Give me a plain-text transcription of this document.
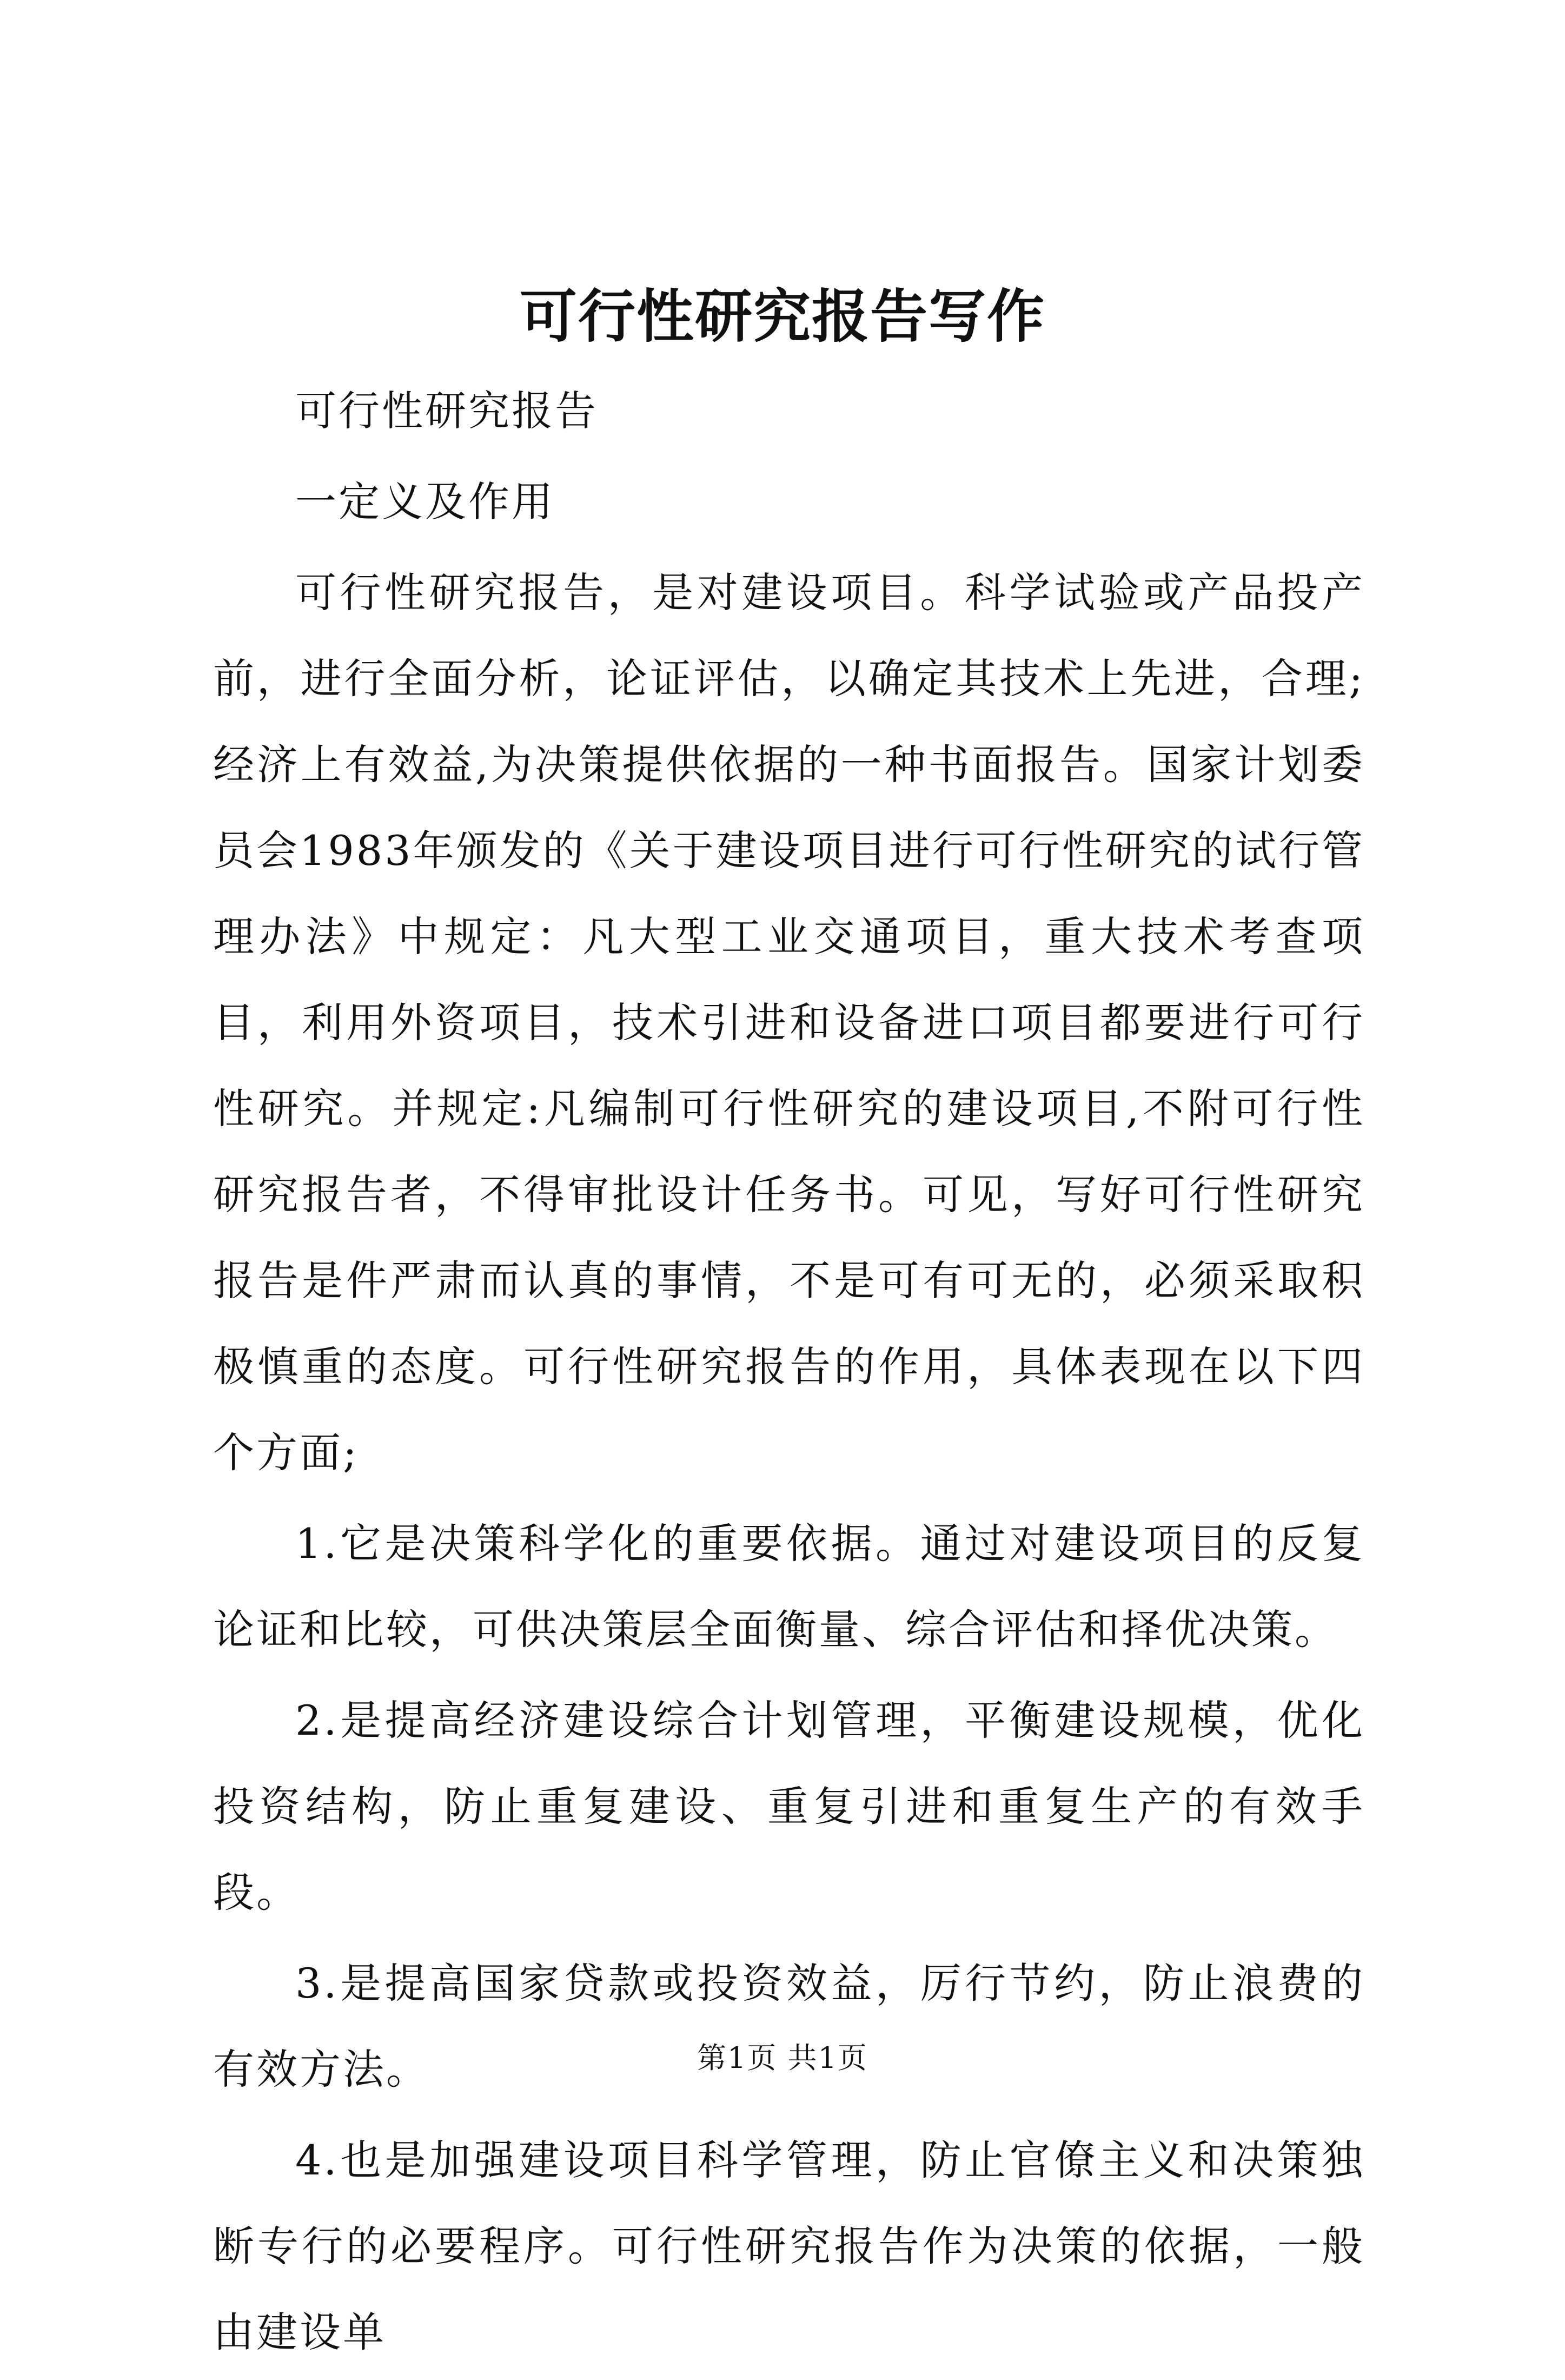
可行性研究报告写作

可行性研究报告

一定义及作用

可行性研究报告，是对建设项目。科学试验或产品投产前，进行全面分析，论证评估，以确定其技术上先进，合理;经济上有效益,为决策提供依据的一种书面报告。国家计划委员会1983年颁发的《关于建设项目进行可行性研究的试行管理办法》中规定：凡大型工业交通项目，重大技术考查项目，利用外资项目，技术引进和设备进口项目都要进行可行性研究。并规定:凡编制可行性研究的建设项目,不附可行性研究报告者，不得审批设计任务书。可见，写好可行性研究报告是件严肃而认真的事情，不是可有可无的，必须采取积极慎重的态度。可行性研究报告的作用，具体表现在以下四个方面;

1.它是决策科学化的重要依据。通过对建设项目的反复论证和比较，可供决策层全面衡量、综合评估和择优决策。

2.是提高经济建设综合计划管理，平衡建设规模，优化投资结构，防止重复建设、重复引进和重复生产的有效手段。

3.是提高国家贷款或投资效益，厉行节约，防止浪费的有效方法。

4.也是加强建设项目科学管理，防止官僚主义和决策独断专行的必要程序。可行性研究报告作为决策的依据，一般由建设单

第1页 共1页
